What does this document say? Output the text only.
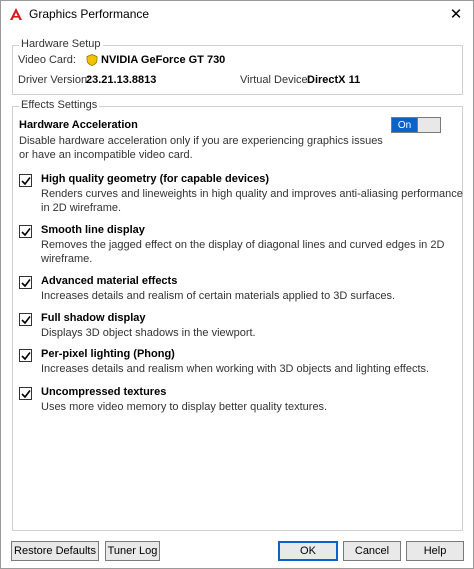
Graphics Performance	✕
Hardware Setup
Video Card: NVIDIA GeForce GT 730
Driver Version:
23.21.13.8813	Virtual Device:
DirectX 11
Effects Settings
Hardware Acceleration
Disable hardware acceleration only if you are experiencing graphics issues or have an incompatible video card.
On
High quality geometry (for capable devices)
Renders curves and lineweights in high quality and improves anti-aliasing performance in 2D wireframe.
Smooth line display
Removes the jagged effect on the display of diagonal lines and curved edges in 2D wireframe.
Advanced material effects
Increases details and realism of certain materials applied to 3D surfaces.
Full shadow display
Displays 3D object shadows in the viewport.
Per-pixel lighting (Phong)
Increases details and realism when working with 3D objects and lighting effects.
Uncompressed textures
Uses more video memory to display better quality textures.
Restore Defaults Tuner Log	OK	Cancel	Help
